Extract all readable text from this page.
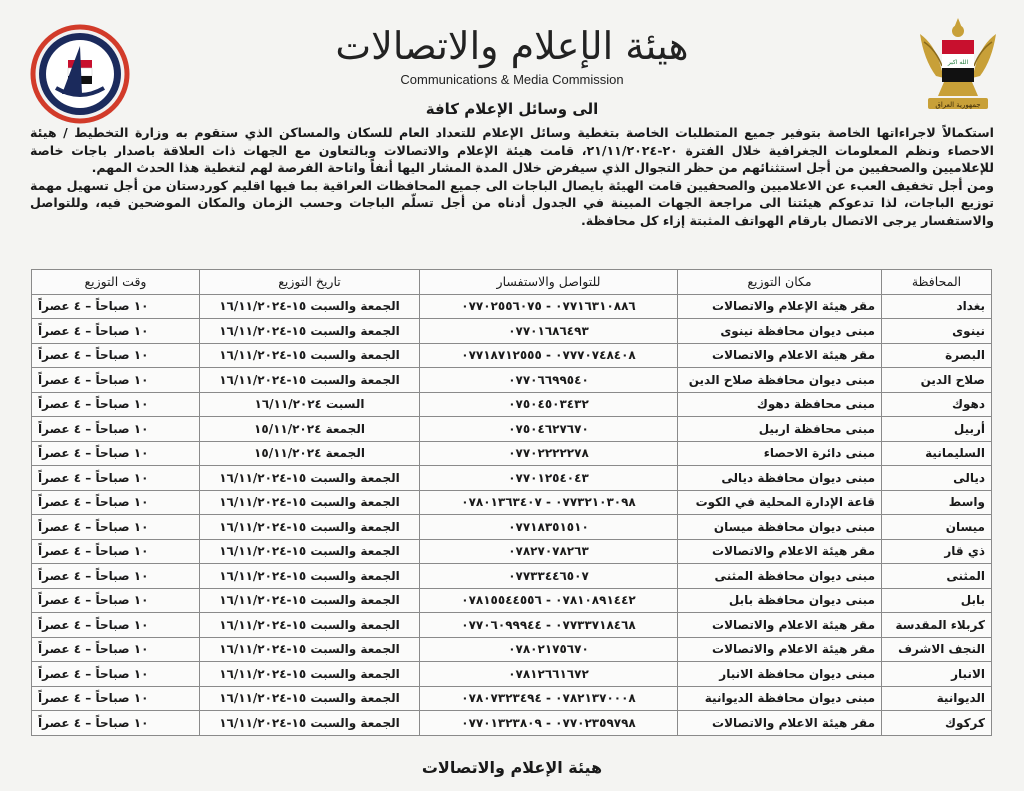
الله اكبر
جمهورية العراق
هيئة الإعلام والاتصالات
Communications & Media Commission
الى وسائل الإعلام كافة

استكمالاً لاجراءاتها الخاصة بتوفير جميع المتطلبات الخاصة بتغطية وسائل الإعلام للتعداد العام للسكان والمساكن الذي ستقوم به وزارة التخطيط / هيئة الاحصاء ونظم المعلومات الجغرافية خلال الفترة ٢٠-٢١/١١/٢٠٢٤، قامت هيئة الإعلام والاتصالات وبالتعاون مع الجهات ذات العلاقة باصدار باجات خاصة للإعلاميين والصحفيين من أجل استثنائهم من حظر التجوال الذي سيفرض خلال المدة المشار اليها أنفاً واتاحة الفرصة لهم لتغطية هذا الحدث المهم.

ومن أجل تخفيف العبء عن الاعلاميين والصحفيين قامت الهيئة بايصال الباجات الى جميع المحافظات العراقية بما فيها اقليم كوردستان من أجل تسهيل مهمة توزيع الباجات، لذا تدعوكم هيئتنا الى مراجعة الجهات المبينة في الجدول أدناه من أجل تسلّم الباجات وحسب الزمان والمكان الموضحين فيه، وللتواصل والاستفسار يرجى الاتصال بارقام الهواتف المثبتة إزاء كل محافظة.

المحافظة	مكان التوزيع	للتواصل والاستفسار	تاريخ التوزيع	وقت التوزيع
بغداد	مقر هيئة الإعلام والاتصالات	٠٧٧١٦٣١٠٨٨٦ - ٠٧٧٠٢٥٥٦٠٧٥	الجمعة والسبت ١٥-١٦/١١/٢٠٢٤	١٠ صباحاً – ٤ عصراً
نينوى	مبنى ديوان محافظة نينوى	٠٧٧٠١٦٨٦٤٩٣	الجمعة والسبت ١٥-١٦/١١/٢٠٢٤	١٠ صباحاً – ٤ عصراً
البصرة	مقر هيئة الاعلام والاتصالات	٠٧٧٧٠٧٤٨٤٠٨ - ٠٧٧١٨٧١٢٥٥٥	الجمعة والسبت ١٥-١٦/١١/٢٠٢٤	١٠ صباحاً – ٤ عصراً
صلاح الدين	مبنى ديوان محافظة صلاح الدين	٠٧٧٠٦٦٩٩٥٤٠	الجمعة والسبت ١٥-١٦/١١/٢٠٢٤	١٠ صباحاً – ٤ عصراً
دهوك	مبنى محافظة دهوك	٠٧٥٠٤٥٠٣٤٣٢	السبت ١٦/١١/٢٠٢٤	١٠ صباحاً – ٤ عصراً
أربيل	مبنى محافظة اربيل	٠٧٥٠٤٦٢٧٦٧٠	الجمعة ١٥/١١/٢٠٢٤	١٠ صباحاً – ٤ عصراً
السليمانية	مبنى دائرة الاحصاء	٠٧٧٠٢٢٢٢٢٧٨	الجمعة ١٥/١١/٢٠٢٤	١٠ صباحاً – ٤ عصراً
ديالى	مبنى ديوان محافظة ديالى	٠٧٧٠١٢٥٤٠٤٣	الجمعة والسبت ١٥-١٦/١١/٢٠٢٤	١٠ صباحاً – ٤ عصراً
واسط	قاعة الإدارة المحلية في الكوت	٠٧٧٣٢١٠٣٠٩٨ - ٠٧٨٠١٣٦٣٤٠٧	الجمعة والسبت ١٥-١٦/١١/٢٠٢٤	١٠ صباحاً – ٤ عصراً
ميسان	مبنى ديوان محافظة ميسان	٠٧٧١٨٣٥١٥١٠	الجمعة والسبت ١٥-١٦/١١/٢٠٢٤	١٠ صباحاً – ٤ عصراً
ذي قار	مقر هيئة الاعلام والاتصالات	٠٧٨٢٧٠٧٨٢٦٣	الجمعة والسبت ١٥-١٦/١١/٢٠٢٤	١٠ صباحاً – ٤ عصراً
المثنى	مبنى ديوان محافظة المثنى	٠٧٧٣٣٤٤٦٥٠٧	الجمعة والسبت ١٥-١٦/١١/٢٠٢٤	١٠ صباحاً – ٤ عصراً
بابل	مبنى ديوان محافظة بابل	٠٧٨١٠٨٩١٤٤٢ - ٠٧٨١٥٥٤٤٥٥٦	الجمعة والسبت ١٥-١٦/١١/٢٠٢٤	١٠ صباحاً – ٤ عصراً
كربلاء المقدسة	مقر هيئة الاعلام والاتصالات	٠٧٧٣٣٧١٨٤٦٨ - ٠٧٧٠٦٠٩٩٩٤٤	الجمعة والسبت ١٥-١٦/١١/٢٠٢٤	١٠ صباحاً – ٤ عصراً
النجف الاشرف	مقر هيئة الاعلام والاتصالات	٠٧٨٠٢١٧٥٦٧٠	الجمعة والسبت ١٥-١٦/١١/٢٠٢٤	١٠ صباحاً – ٤ عصراً
الانبار	مبنى ديوان محافظة الانبار	٠٧٨١٢٦٦١٦٧٢	الجمعة والسبت ١٥-١٦/١١/٢٠٢٤	١٠ صباحاً – ٤ عصراً
الديوانية	مبنى ديوان محافظة الديوانية	٠٧٨٢١٣٧٠٠٠٨ - ٠٧٨٠٧٣٢٣٤٩٤	الجمعة والسبت ١٥-١٦/١١/٢٠٢٤	١٠ صباحاً – ٤ عصراً
كركوك	مقر هيئة الاعلام والاتصالات	٠٧٧٠٢٣٥٩٧٩٨ - ٠٧٧٠١٣٢٣٨٠٩	الجمعة والسبت ١٥-١٦/١١/٢٠٢٤	١٠ صباحاً – ٤ عصراً
هيئة الإعلام والاتصالات
